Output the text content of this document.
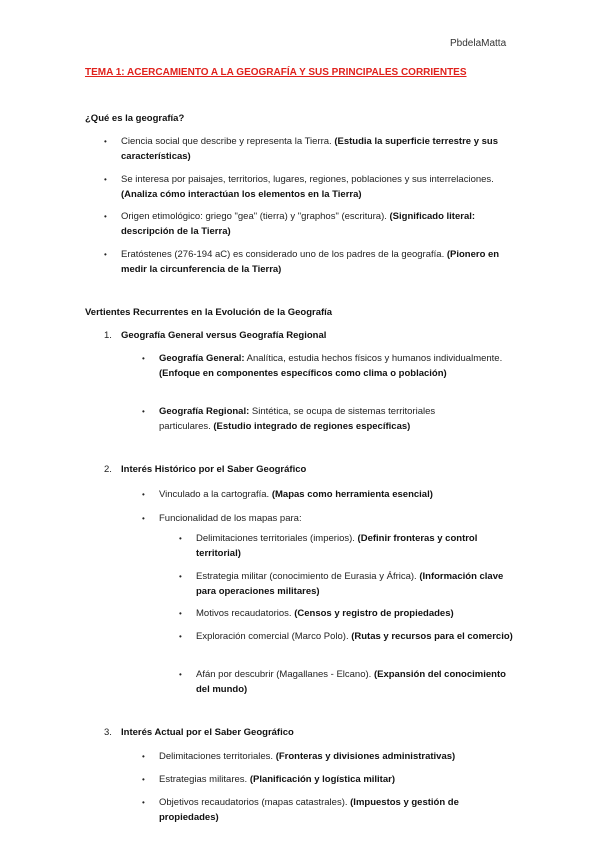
PbdelaMatta
TEMA 1: ACERCAMIENTO A LA GEOGRAFÍA Y SUS PRINCIPALES CORRIENTES
¿Qué es la geografía?
• Ciencia social que describe y representa la Tierra. (Estudia la superficie terrestre y sus características)

• Se interesa por paisajes, territorios, lugares, regiones, poblaciones y sus interrelaciones. (Analiza cómo interactúan los elementos en la Tierra)

• Origen etimológico: griego "gea" (tierra) y "graphos" (escritura). (Significado literal: descripción de la Tierra)

• Eratóstenes (276-194 aC) es considerado uno de los padres de la geografía. (Pionero en medir la circunferencia de la Tierra)

Vertientes Recurrentes en la Evolución de la Geografía
1. Geografía General versus Geografía Regional
• Geografía General: Analítica, estudia hechos físicos y humanos individualmente. (Enfoque en componentes específicos como clima o población)

• Geografía Regional: Sintética, se ocupa de sistemas territoriales particulares. (Estudio integrado de regiones específicas)

2. Interés Histórico por el Saber Geográfico
• Vinculado a la cartografía. (Mapas como herramienta esencial)

• Funcionalidad de los mapas para:

• Delimitaciones territoriales (imperios). (Definir fronteras y control territorial)

• Estrategia militar (conocimiento de Eurasia y África). (Información clave para operaciones militares)

• Motivos recaudatorios. (Censos y registro de propiedades)

• Exploración comercial (Marco Polo). (Rutas y recursos para el comercio)

• Afán por descubrir (Magallanes - Elcano). (Expansión del conocimiento del mundo)

3. Interés Actual por el Saber Geográfico
• Delimitaciones territoriales. (Fronteras y divisiones administrativas)

• Estrategias militares. (Planificación y logística militar)

• Objetivos recaudatorios (mapas catastrales). (Impuestos y gestión de propiedades)
